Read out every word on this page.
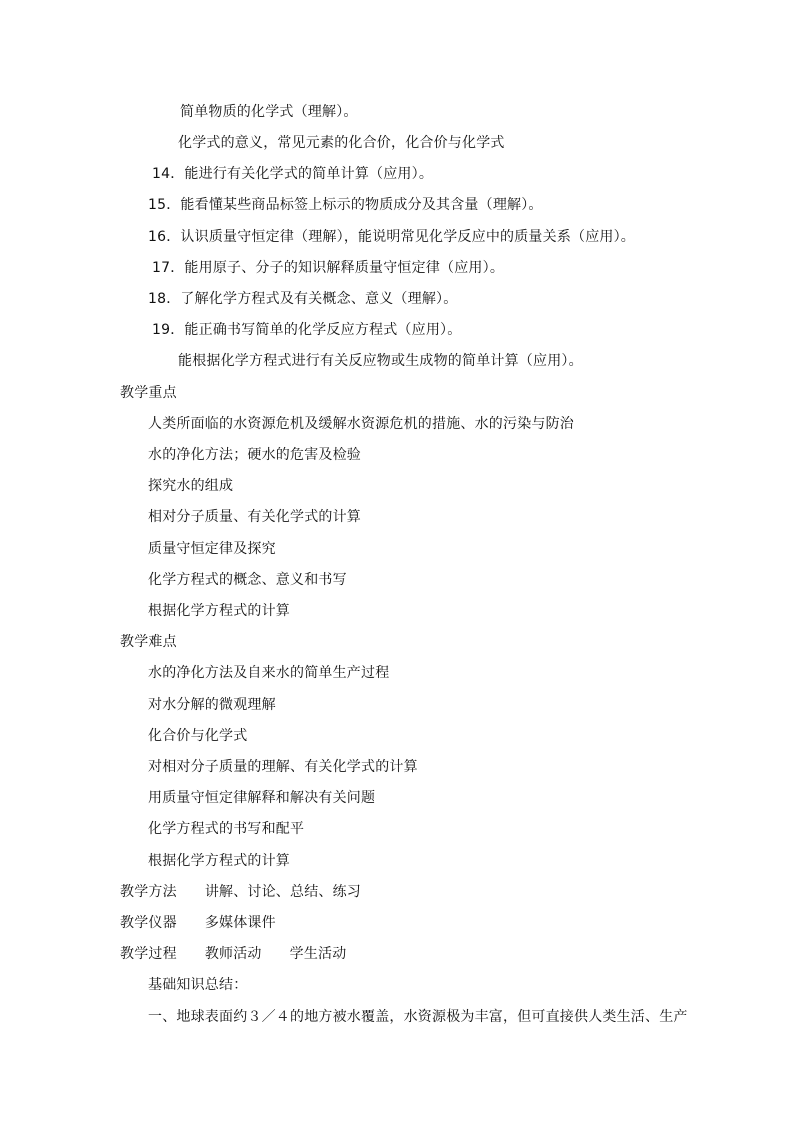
简单物质的化学式（理解）。
化学式的意义，常见元素的化合价，化合价与化学式
14．能进行有关化学式的简单计算（应用）。
15．能看懂某些商品标签上标示的物质成分及其含量（理解）。
16．认识质量守恒定律（理解），能说明常见化学反应中的质量关系（应用）。
17．能用原子、分子的知识解释质量守恒定律（应用）。
18．了解化学方程式及有关概念、意义（理解）。
19．能正确书写简单的化学反应方程式（应用）。
能根据化学方程式进行有关反应物或生成物的简单计算（应用）。
教学重点
人类所面临的水资源危机及缓解水资源危机的措施、水的污染与防治
水的净化方法；硬水的危害及检验
探究水的组成
相对分子质量、有关化学式的计算
质量守恒定律及探究
化学方程式的概念、意义和书写
根据化学方程式的计算
教学难点
水的净化方法及自来水的简单生产过程
对水分解的微观理解
化合价与化学式
对相对分子质量的理解、有关化学式的计算
用质量守恒定律解释和解决有关问题
化学方程式的书写和配平
根据化学方程式的计算
教学方法 讲解、讨论、总结、练习
教学仪器 多媒体课件
教学过程 教师活动 学生活动
基础知识总结：
一、地球表面约３／４的地方被水覆盖，水资源极为丰富，但可直接供人类生活、生产
